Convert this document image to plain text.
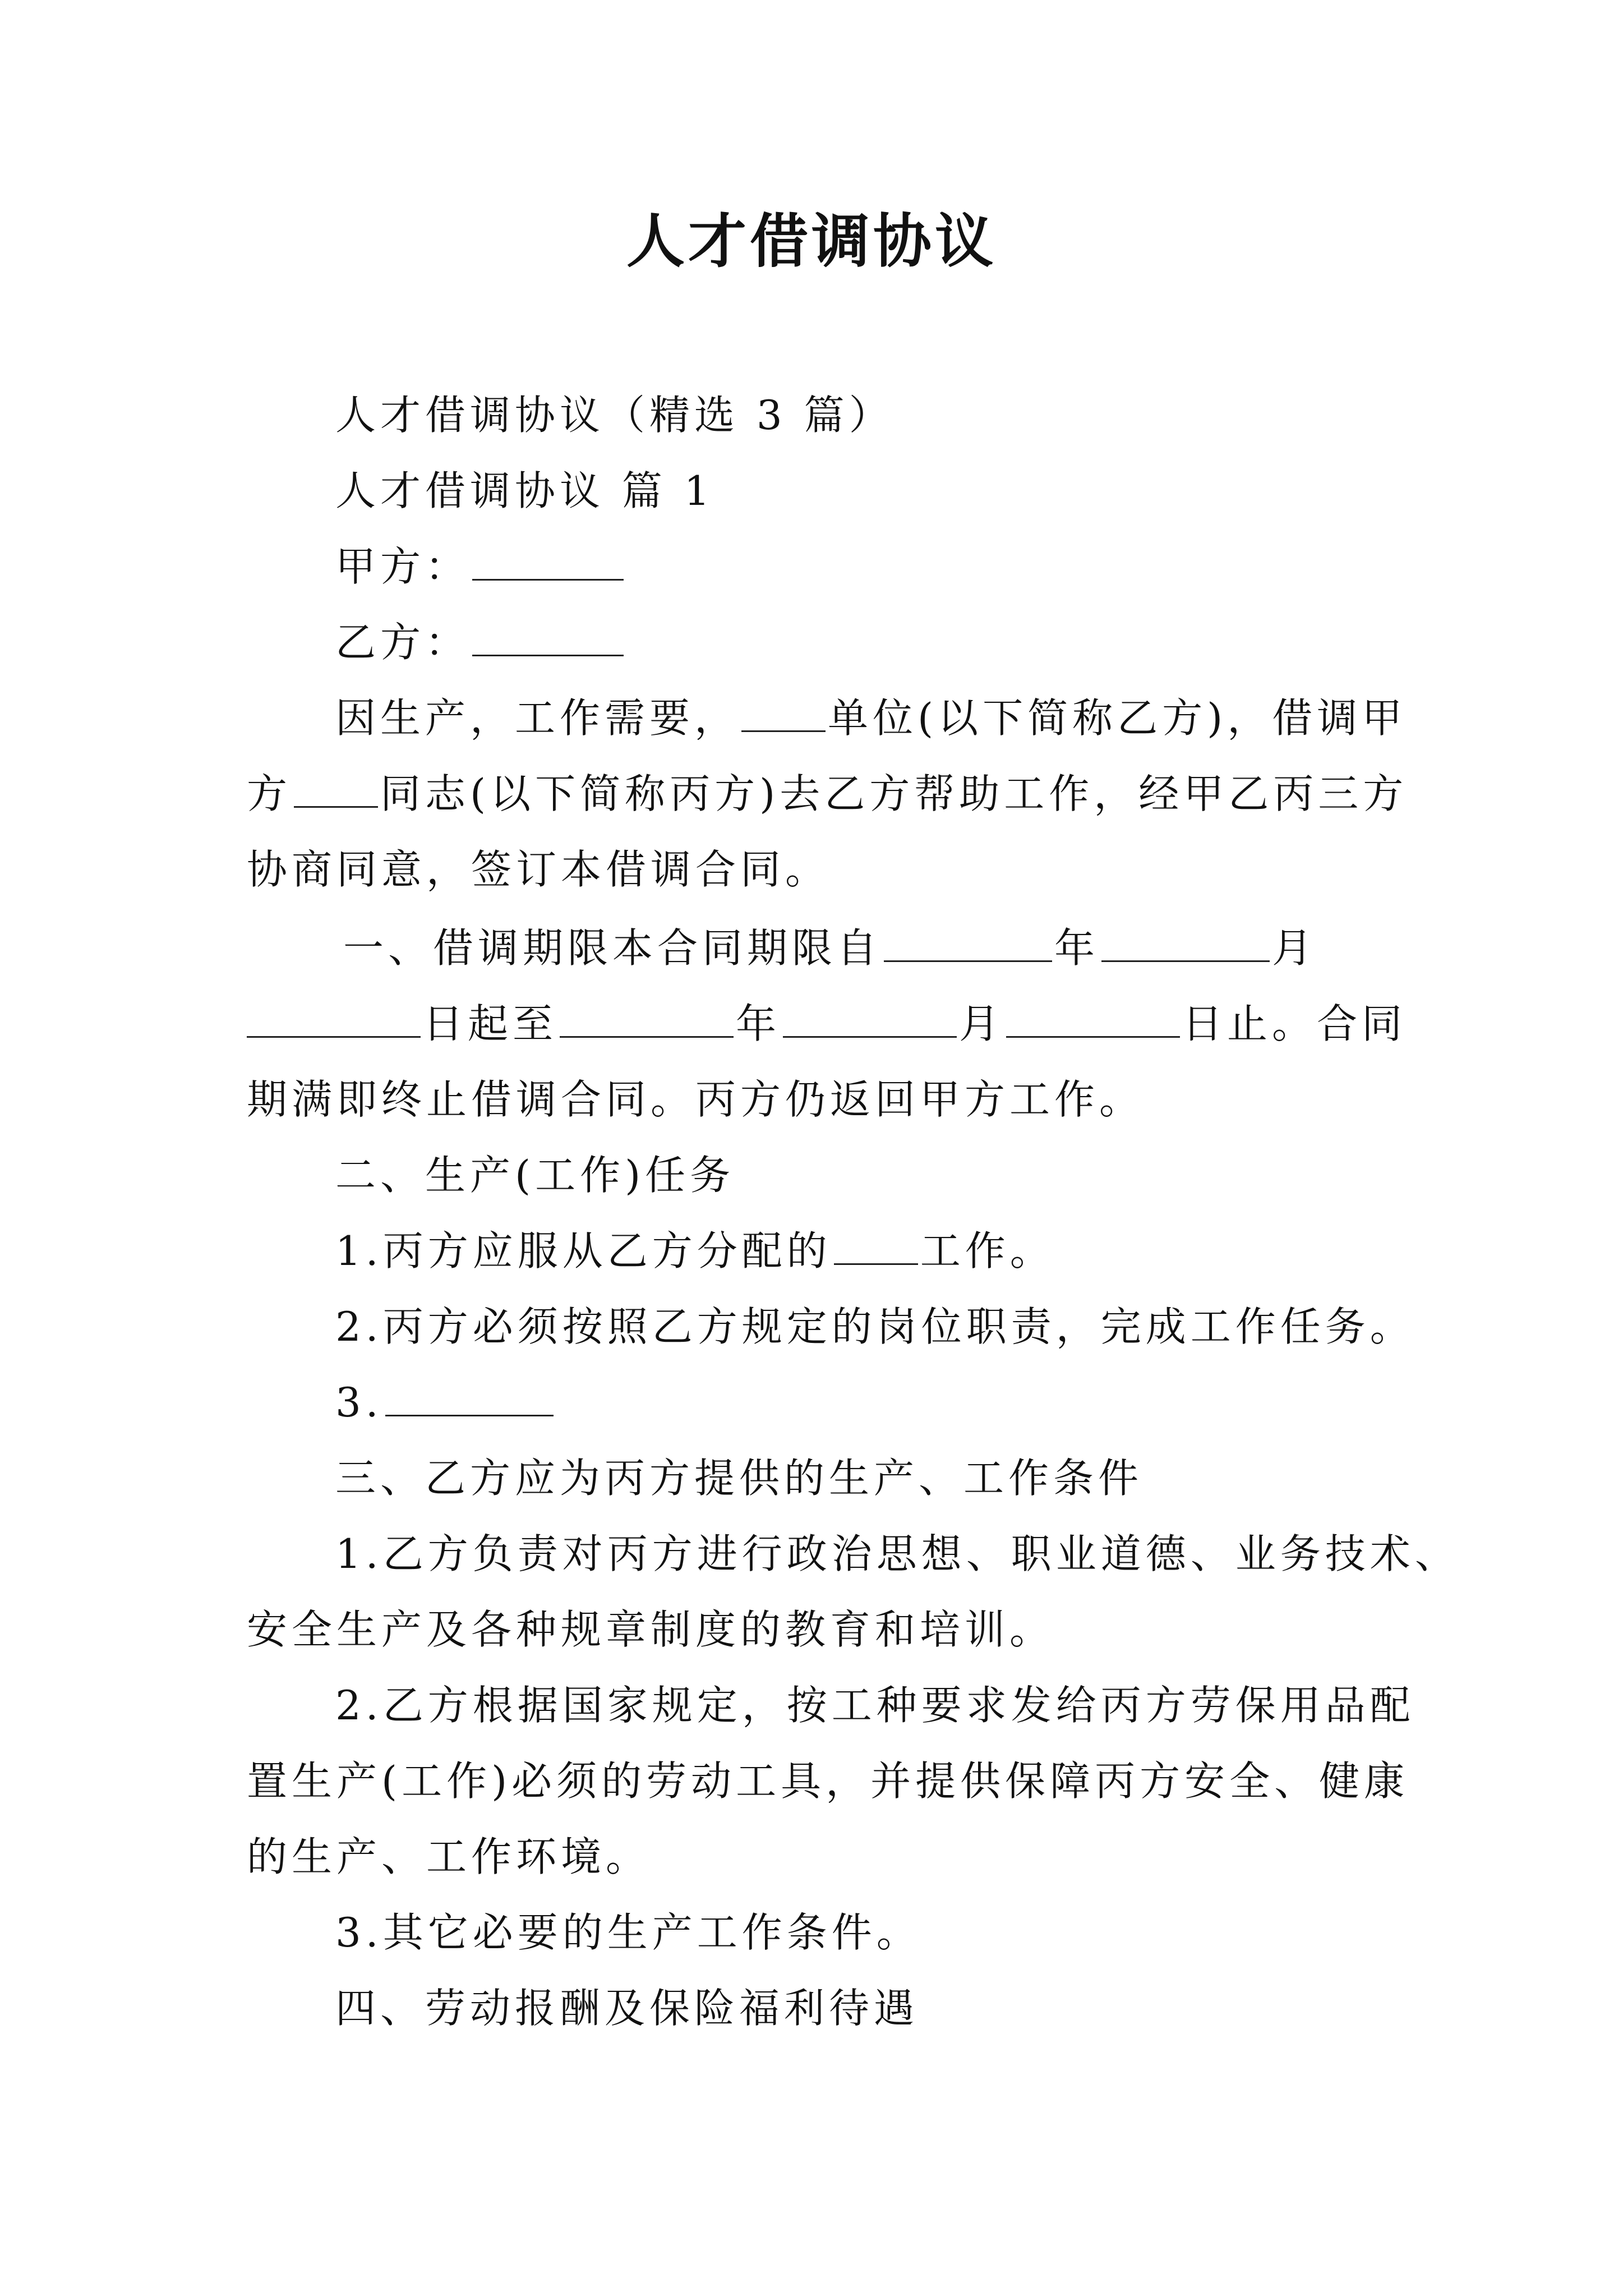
人才借调协议

人才借调协议（精选 3 篇）

人才借调协议 篇 1

甲方：

乙方：

因生产，工作需要， 单位(以下简称乙方)，借调甲

方 同志(以下简称丙方)去乙方帮助工作，经甲乙丙三方

协商同意，签订本借调合同。

一、借调期限本合同期限自	年	月

日起至	年	月	日止。合同

期满即终止借调合同。丙方仍返回甲方工作。

二、生产(工作)任务

1.丙方应服从乙方分配的 工作。

2.丙方必须按照乙方规定的岗位职责，完成工作任务。

3.

三、乙方应为丙方提供的生产、工作条件

1.乙方负责对丙方进行政治思想、职业道德、业务技术、

安全生产及各种规章制度的教育和培训。

2.乙方根据国家规定，按工种要求发给丙方劳保用品配

置生产(工作)必须的劳动工具，并提供保障丙方安全、健康

的生产、工作环境。

3.其它必要的生产工作条件。

四、劳动报酬及保险福利待遇
